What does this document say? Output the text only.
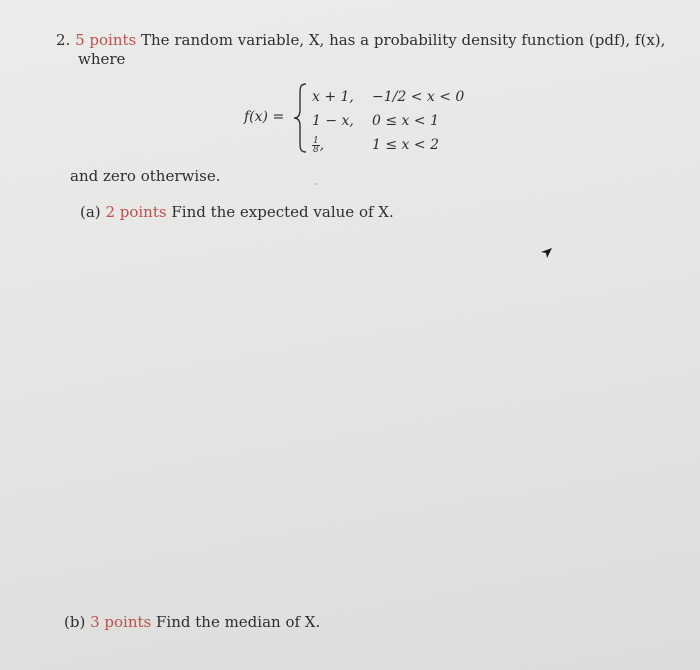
2. 5 points The random variable, X, has a probability density function (pdf), f(x),
where
f(x) =
x + 1, −1/2 < x < 0
1 − x, 0 ≤ x < 1
$\frac{1}{8}$ ,	1 ≤ x < 2
and zero otherwise.
(a) 2 points Find the expected value of X.
(b) 3 points Find the median of X.
